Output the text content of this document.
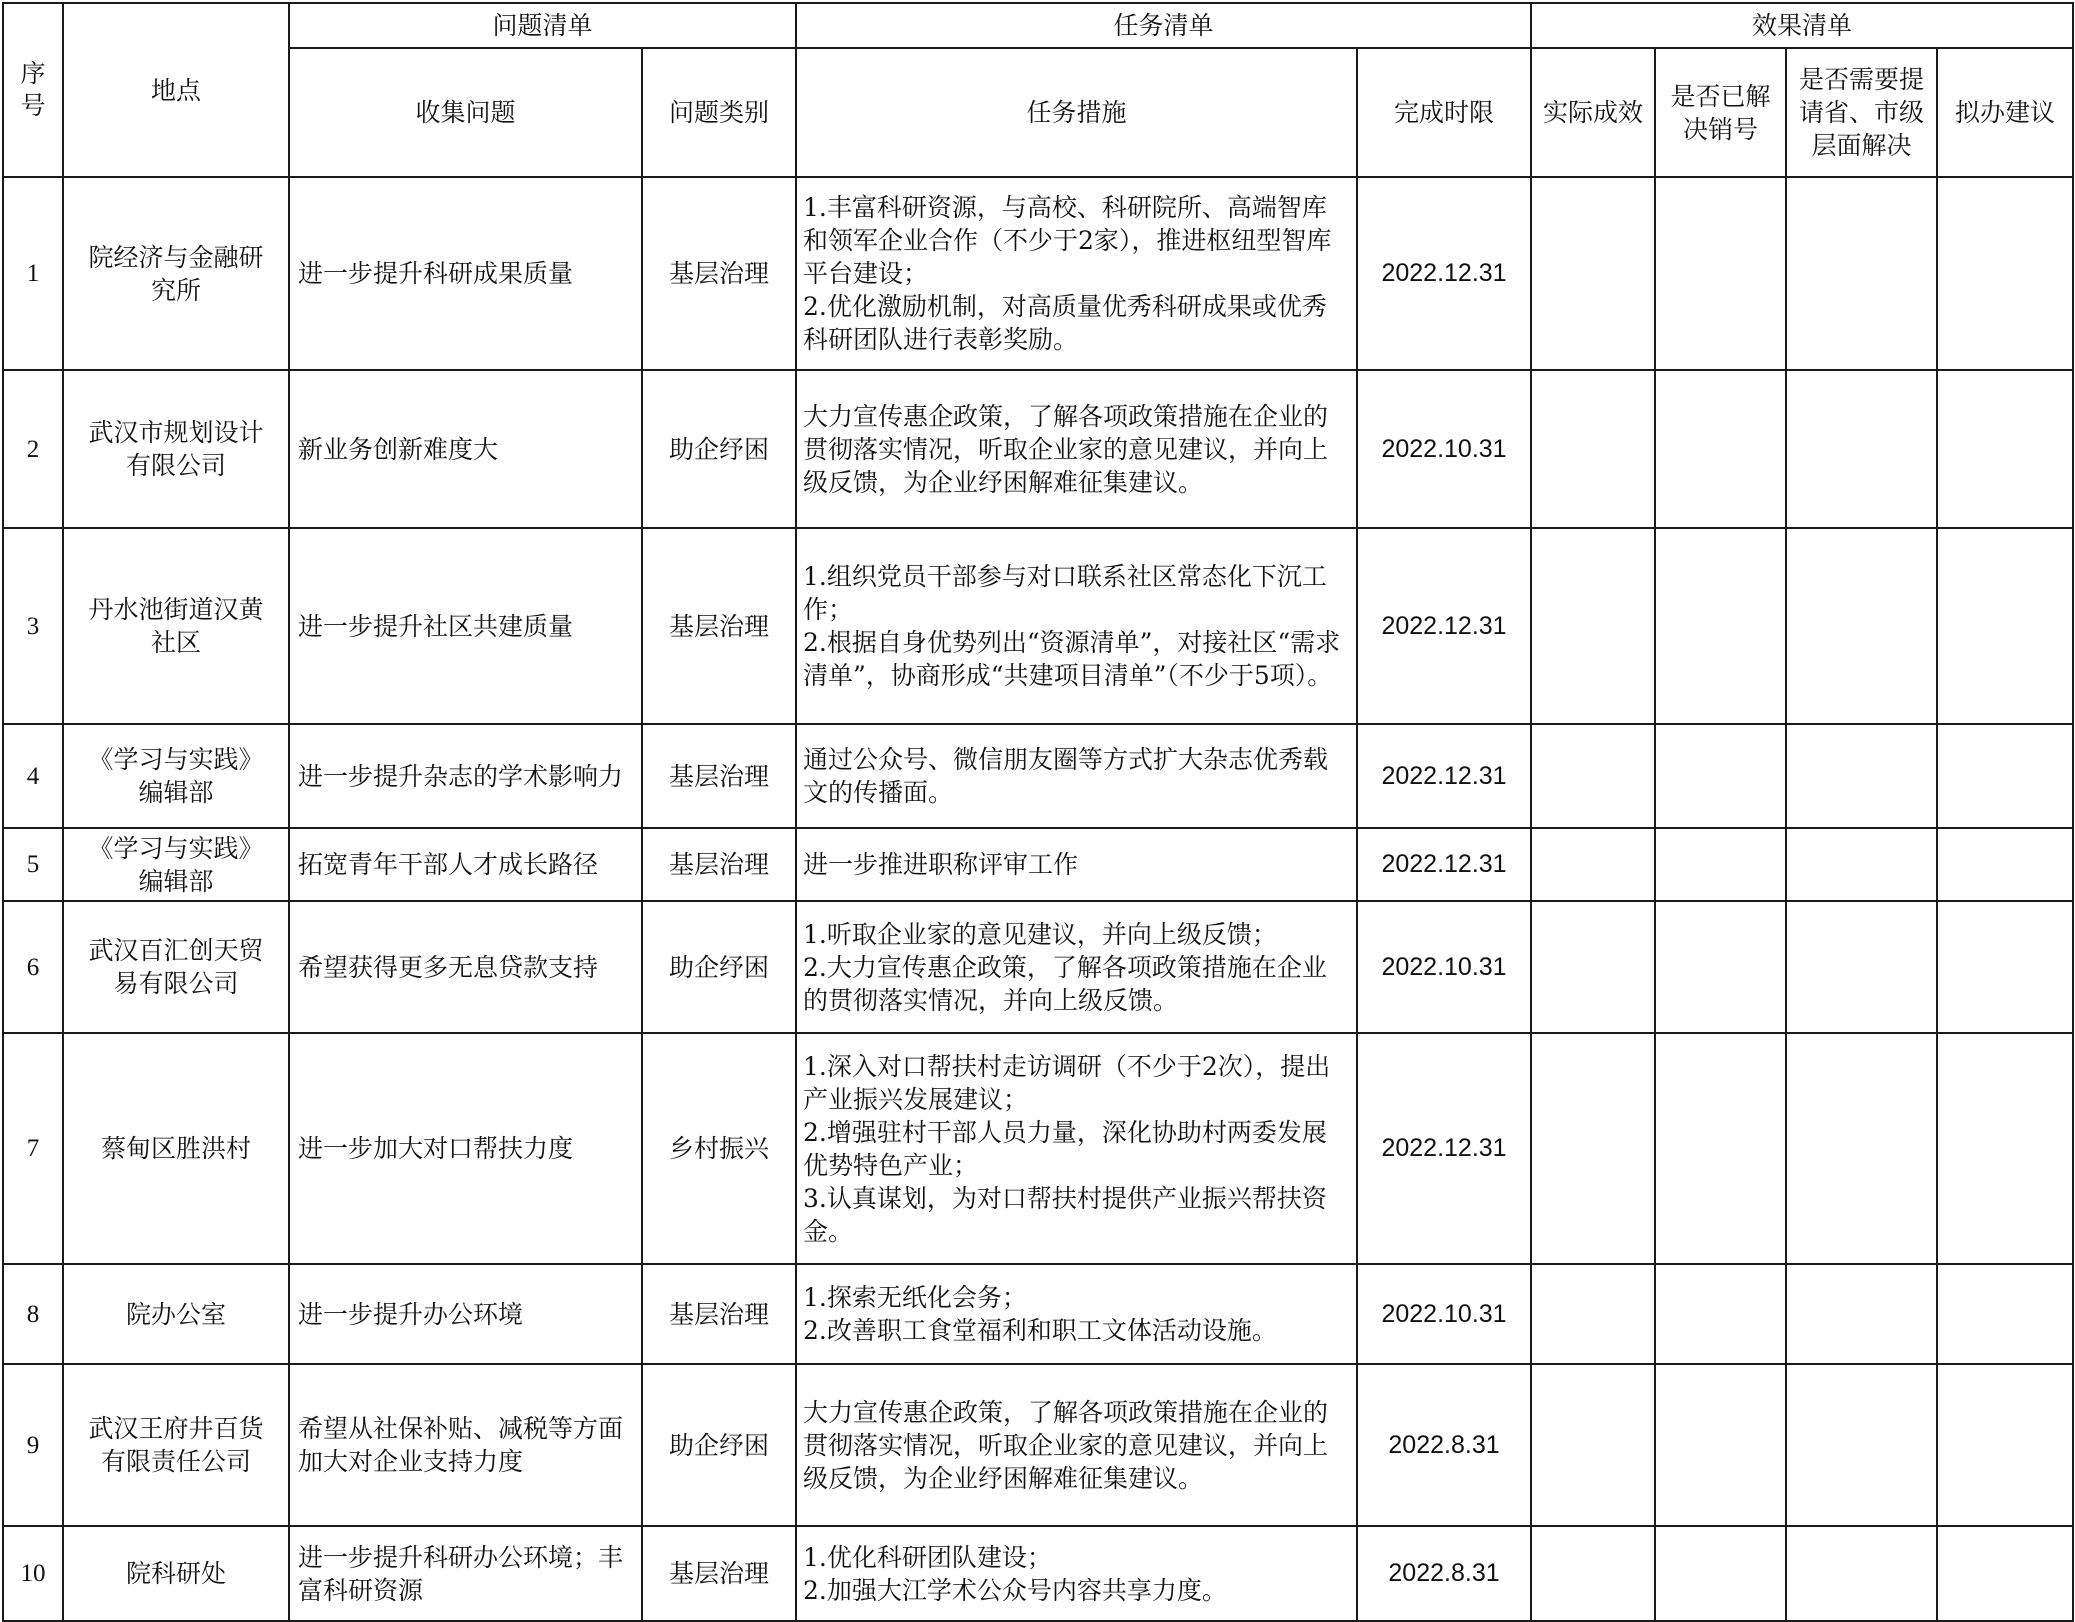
序号	地点	问题清单		任务清单		效果清单			
		收集问题	问题类别	任务措施	完成时限	实际成效	是否已解决销号	是否需要提请省、市级层面解决	拟办建议
1	院经济与金融研究所	进一步提升科研成果质量	基层治理	1.丰富科研资源，与高校、科研院所、高端智库和领军企业合作（不少于2家），推进枢纽型智库平台建设；
2.优化激励机制，对高质量优秀科研成果或优秀科研团队进行表彰奖励。	2022.12.31				
2	武汉市规划设计有限公司	新业务创新难度大	助企纾困	大力宣传惠企政策，了解各项政策措施在企业的贯彻落实情况，听取企业家的意见建议，并向上级反馈，为企业纾困解难征集建议。	2022.10.31				
3	丹水池街道汉黄社区	进一步提升社区共建质量	基层治理	1.组织党员干部参与对口联系社区常态化下沉工作；
2.根据自身优势列出“资源清单”，对接社区“需求清单”，协商形成“共建项目清单”（不少于5项）。	2022.12.31				
4	《学习与实践》编辑部	进一步提升杂志的学术影响力	基层治理	通过公众号、微信朋友圈等方式扩大杂志优秀载文的传播面。	2022.12.31				
5	《学习与实践》编辑部	拓宽青年干部人才成长路径	基层治理	进一步推进职称评审工作	2022.12.31				
6	武汉百汇创天贸易有限公司	希望获得更多无息贷款支持	助企纾困	1.听取企业家的意见建议，并向上级反馈；
2.大力宣传惠企政策，了解各项政策措施在企业的贯彻落实情况，并向上级反馈。	2022.10.31				
7	蔡甸区胜洪村	进一步加大对口帮扶力度	乡村振兴	1.深入对口帮扶村走访调研（不少于2次），提出产业振兴发展建议；
2.增强驻村干部人员力量，深化协助村两委发展优势特色产业；
3.认真谋划，为对口帮扶村提供产业振兴帮扶资金。	2022.12.31				
8	院办公室	进一步提升办公环境	基层治理	1.探索无纸化会务；
2.改善职工食堂福利和职工文体活动设施。	2022.10.31				
9	武汉王府井百货有限责任公司	希望从社保补贴、减税等方面加大对企业支持力度	助企纾困	大力宣传惠企政策，了解各项政策措施在企业的贯彻落实情况，听取企业家的意见建议，并向上级反馈，为企业纾困解难征集建议。	2022.8.31				
10	院科研处	进一步提升科研办公环境；丰富科研资源	基层治理	1.优化科研团队建设；
2.加强大江学术公众号内容共享力度。	2022.8.31				
